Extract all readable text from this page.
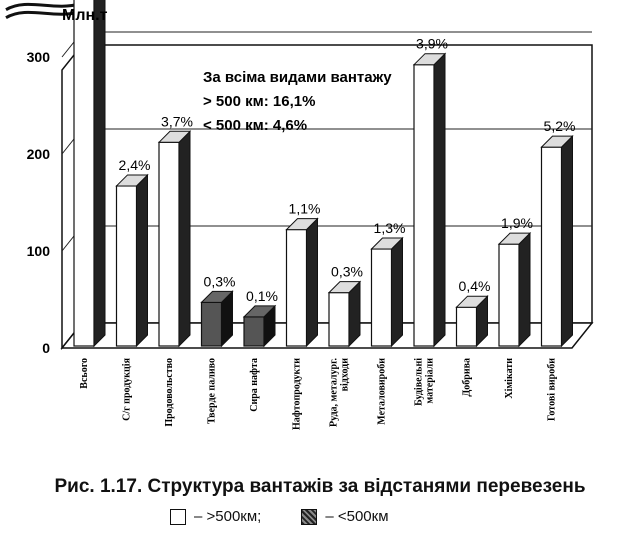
2,4%
3,7%
0,3%
0,1%
1,1%
0,3%
1,3%
3,9%
0,4%
1,9%
5,2%
0
100
200
300
Всього	С/г продукція	Продовольство	Тверде паливо	Сира нафта	Нафтопродукти	Руда, металург. відходи	Металовироби	Будівельні матеріали	Добрива	Хімікати	Готові вироби
Млн.т
За всіма видами вантажу
> 500 км: 16,1%
< 500 км: 4,6%
Рис. 1.17. Структура вантажів за відстанями перевезень
– >500км;	– <500км
